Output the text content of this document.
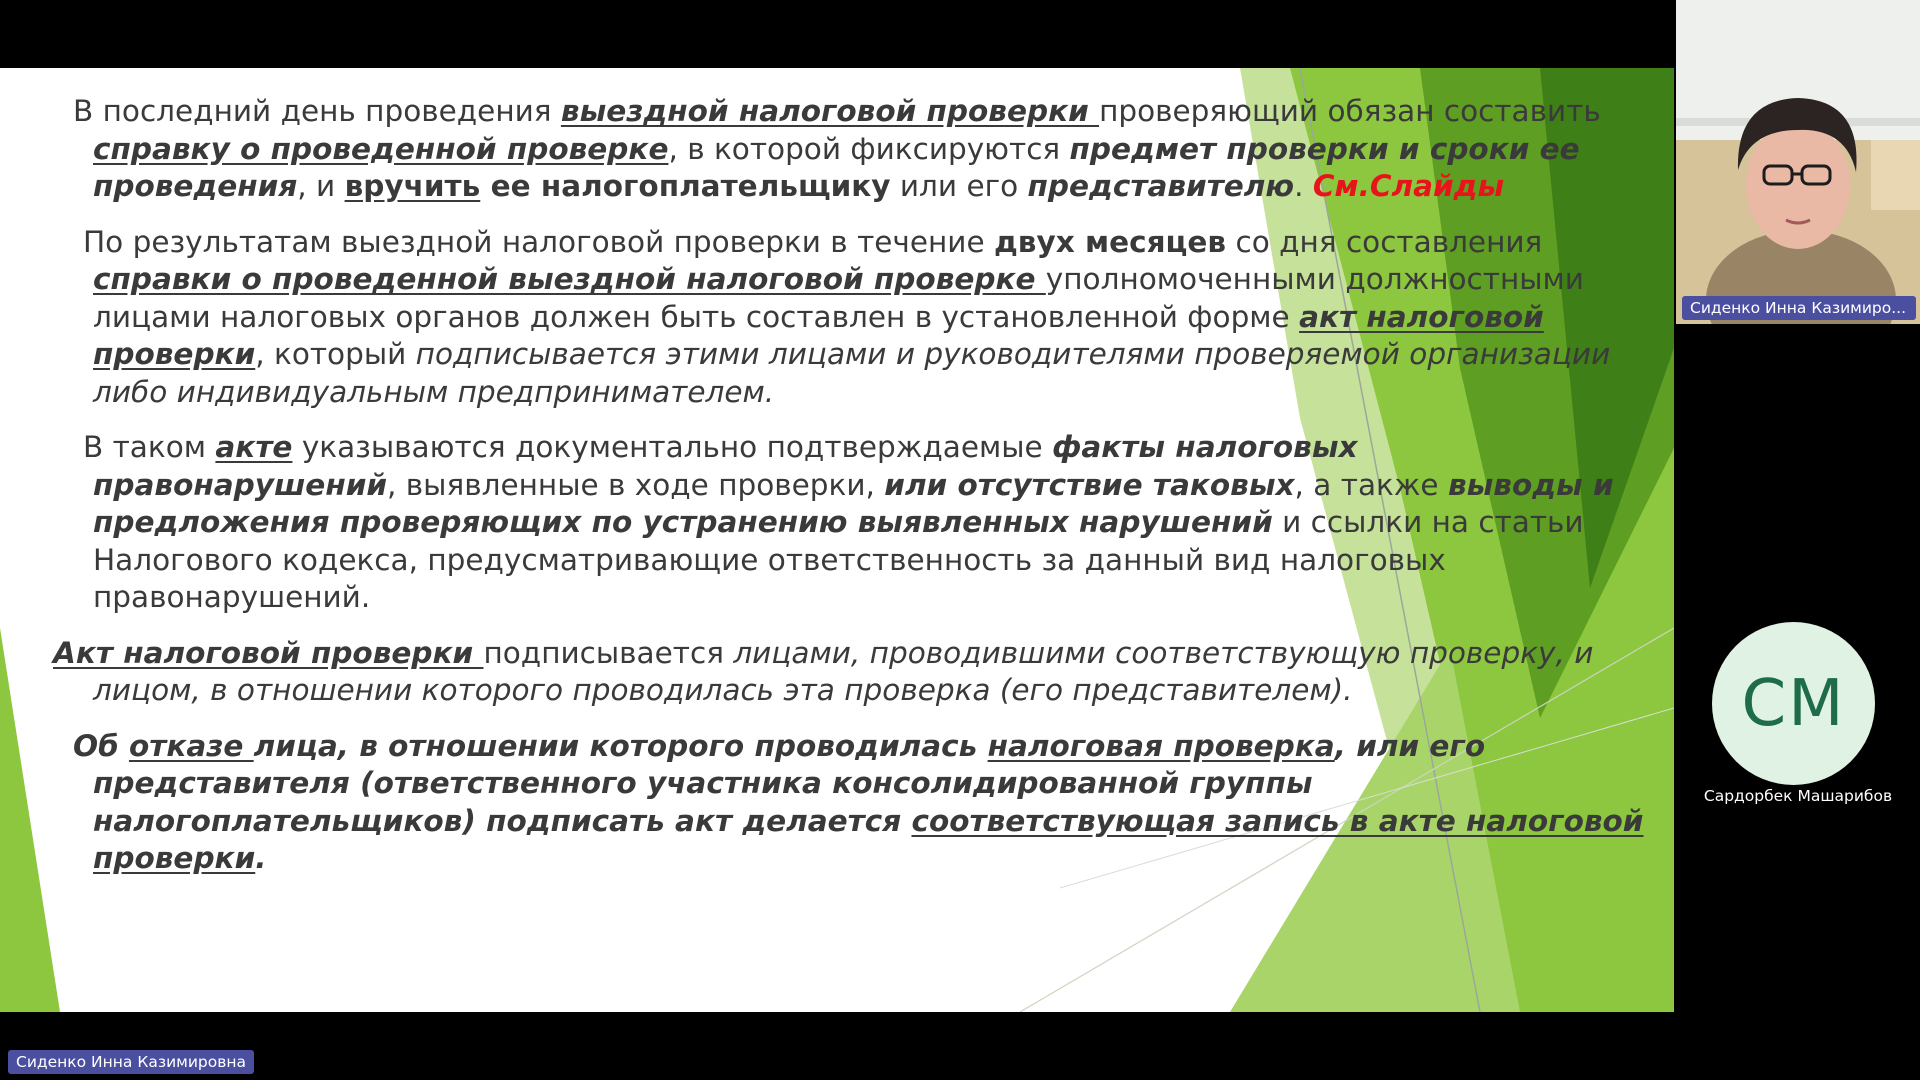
В последний день проведения выездной налоговой проверки проверяющий обязан составить справку о проведенной проверке, в которой фиксируются предмет проверки и сроки ее проведения, и вручить ее налогоплательщику или его представителю. См.Слайды

По результатам выездной налоговой проверки в течение двух месяцев со дня составления справки о проведенной выездной налоговой проверке уполномоченными должностными лицами налоговых органов должен быть составлен в установленной форме акт налоговой проверки, который подписывается этими лицами и руководителями проверяемой организации либо индивидуальным предпринимателем.

В таком акте указываются документально подтверждаемые факты налоговых правонарушений, выявленные в ходе проверки, или отсутствие таковых, а также выводы и предложения проверяющих по устранению выявленных нарушений и ссылки на статьи Налогового кодекса, предусматривающие ответственность за данный вид налоговых правонарушений.

Акт налоговой проверки подписывается лицами, проводившими соответствующую проверку, и лицом, в отношении которого проводилась эта проверка (его представителем).

Об отказе лица, в отношении которого проводилась налоговая проверка, или его представителя (ответственного участника консолидированной группы налогоплательщиков) подписать акт делается соответствующая запись в акте налоговой проверки.

Сиденко Инна Казимиро...
СМ
Сардорбек Машарибов
Сиденко Инна Казимировна
